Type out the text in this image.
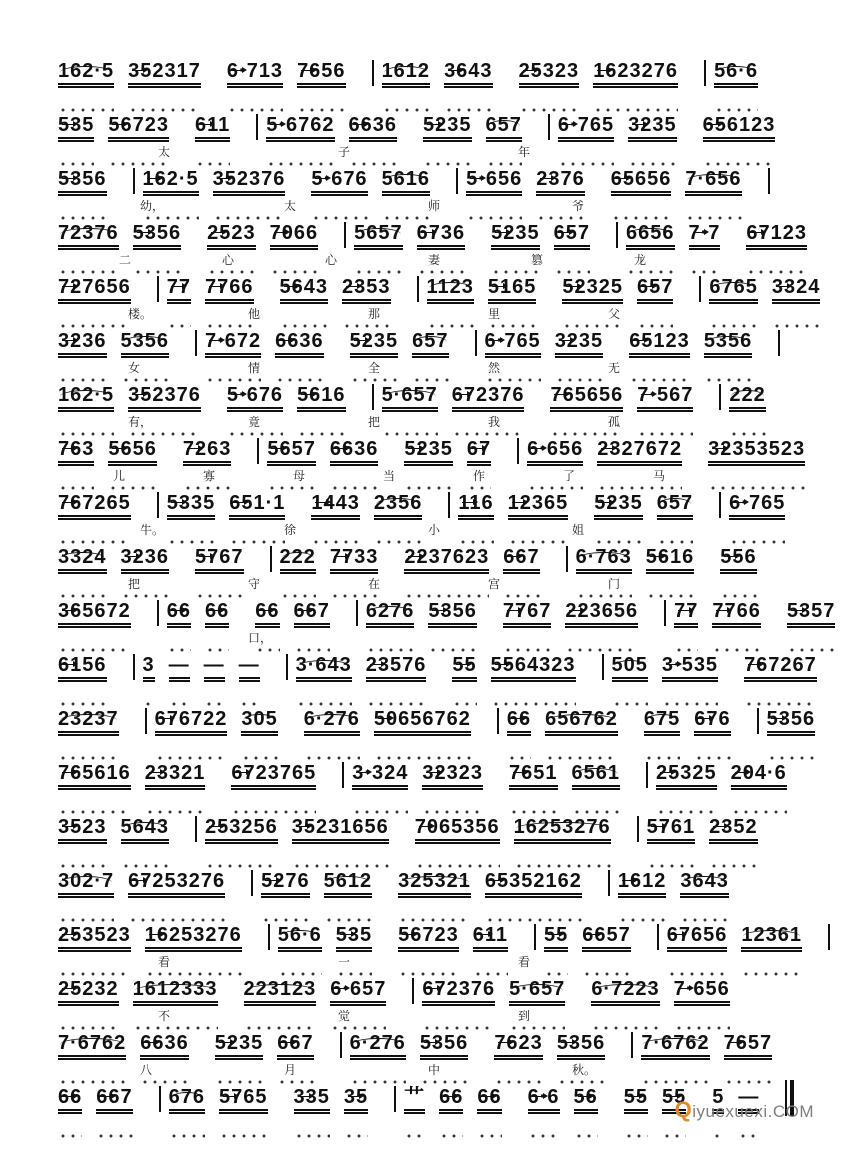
162·5 352317 6·713 7656 1612 3643 25323 1623276 56·6
535 56723 611 5·6762 6636 5235 657 6·765 3235 656123
太	子	年
5356 162·5 352376 5·676 5616 5·656 2376 65656 7·656
幼，	太	师	爷
72376 5356 2523 7066 5657 6736 5235 657 6656 7·7 67123
二	心	心	妻	篡	龙
727656 77 7766 5643 2353 1123 5165 52325 657 6765 3324
楼。	他	那	里	父
3236 5356 7·672 6636 5235 657 6·765 3235 65123 5356
女	情	全	然	无
162·5 352376 5·676 5616 5·657 672376 765656 7·567 222
有，	竟	把	我	孤
763 5656 7263 5657 6636 5235 67 6·656 2327672 32353523
儿	寡	母	当	作	了	马
767265 5335 651·1 1443 2356 116 12365 5235 657 6·765
牛。	徐	小	姐
3324 3236 5767 222 7733 2237623 667 6·763 5616 556
把	守	在	宫	门
365672 66 66 66 667 6276 5356 7767 223656 77 7766 5357
口，
6156 3 — — — 3·643 23576 55 5564323 505 3·535 767267
23237 676722 305 6·276 50656762 66 656762 675 676 5356
765616 23321 6723765 3·324 32323 7651 6561 25325 204·6
3523 5643 253256 35231656 7065356 16253276 5761 2352
302·7 67253276 5276 5612 325321 65352162 1612 3643
253523 16253276 56·6 535 56723 611 55 6657 67656 12361
看	一	看
25232 1612333 223123 6·657 672376 5·657 6·7223 7·656
不	觉	到
7·6762 6636 5235 667 6·276 5356 7623 5356 7·6762 7657
八	月	中	秋。
66 667 676 5765 335 35 艹 66 66 6·6 56 55 55 5 —
Qiyuexuexi.COM
